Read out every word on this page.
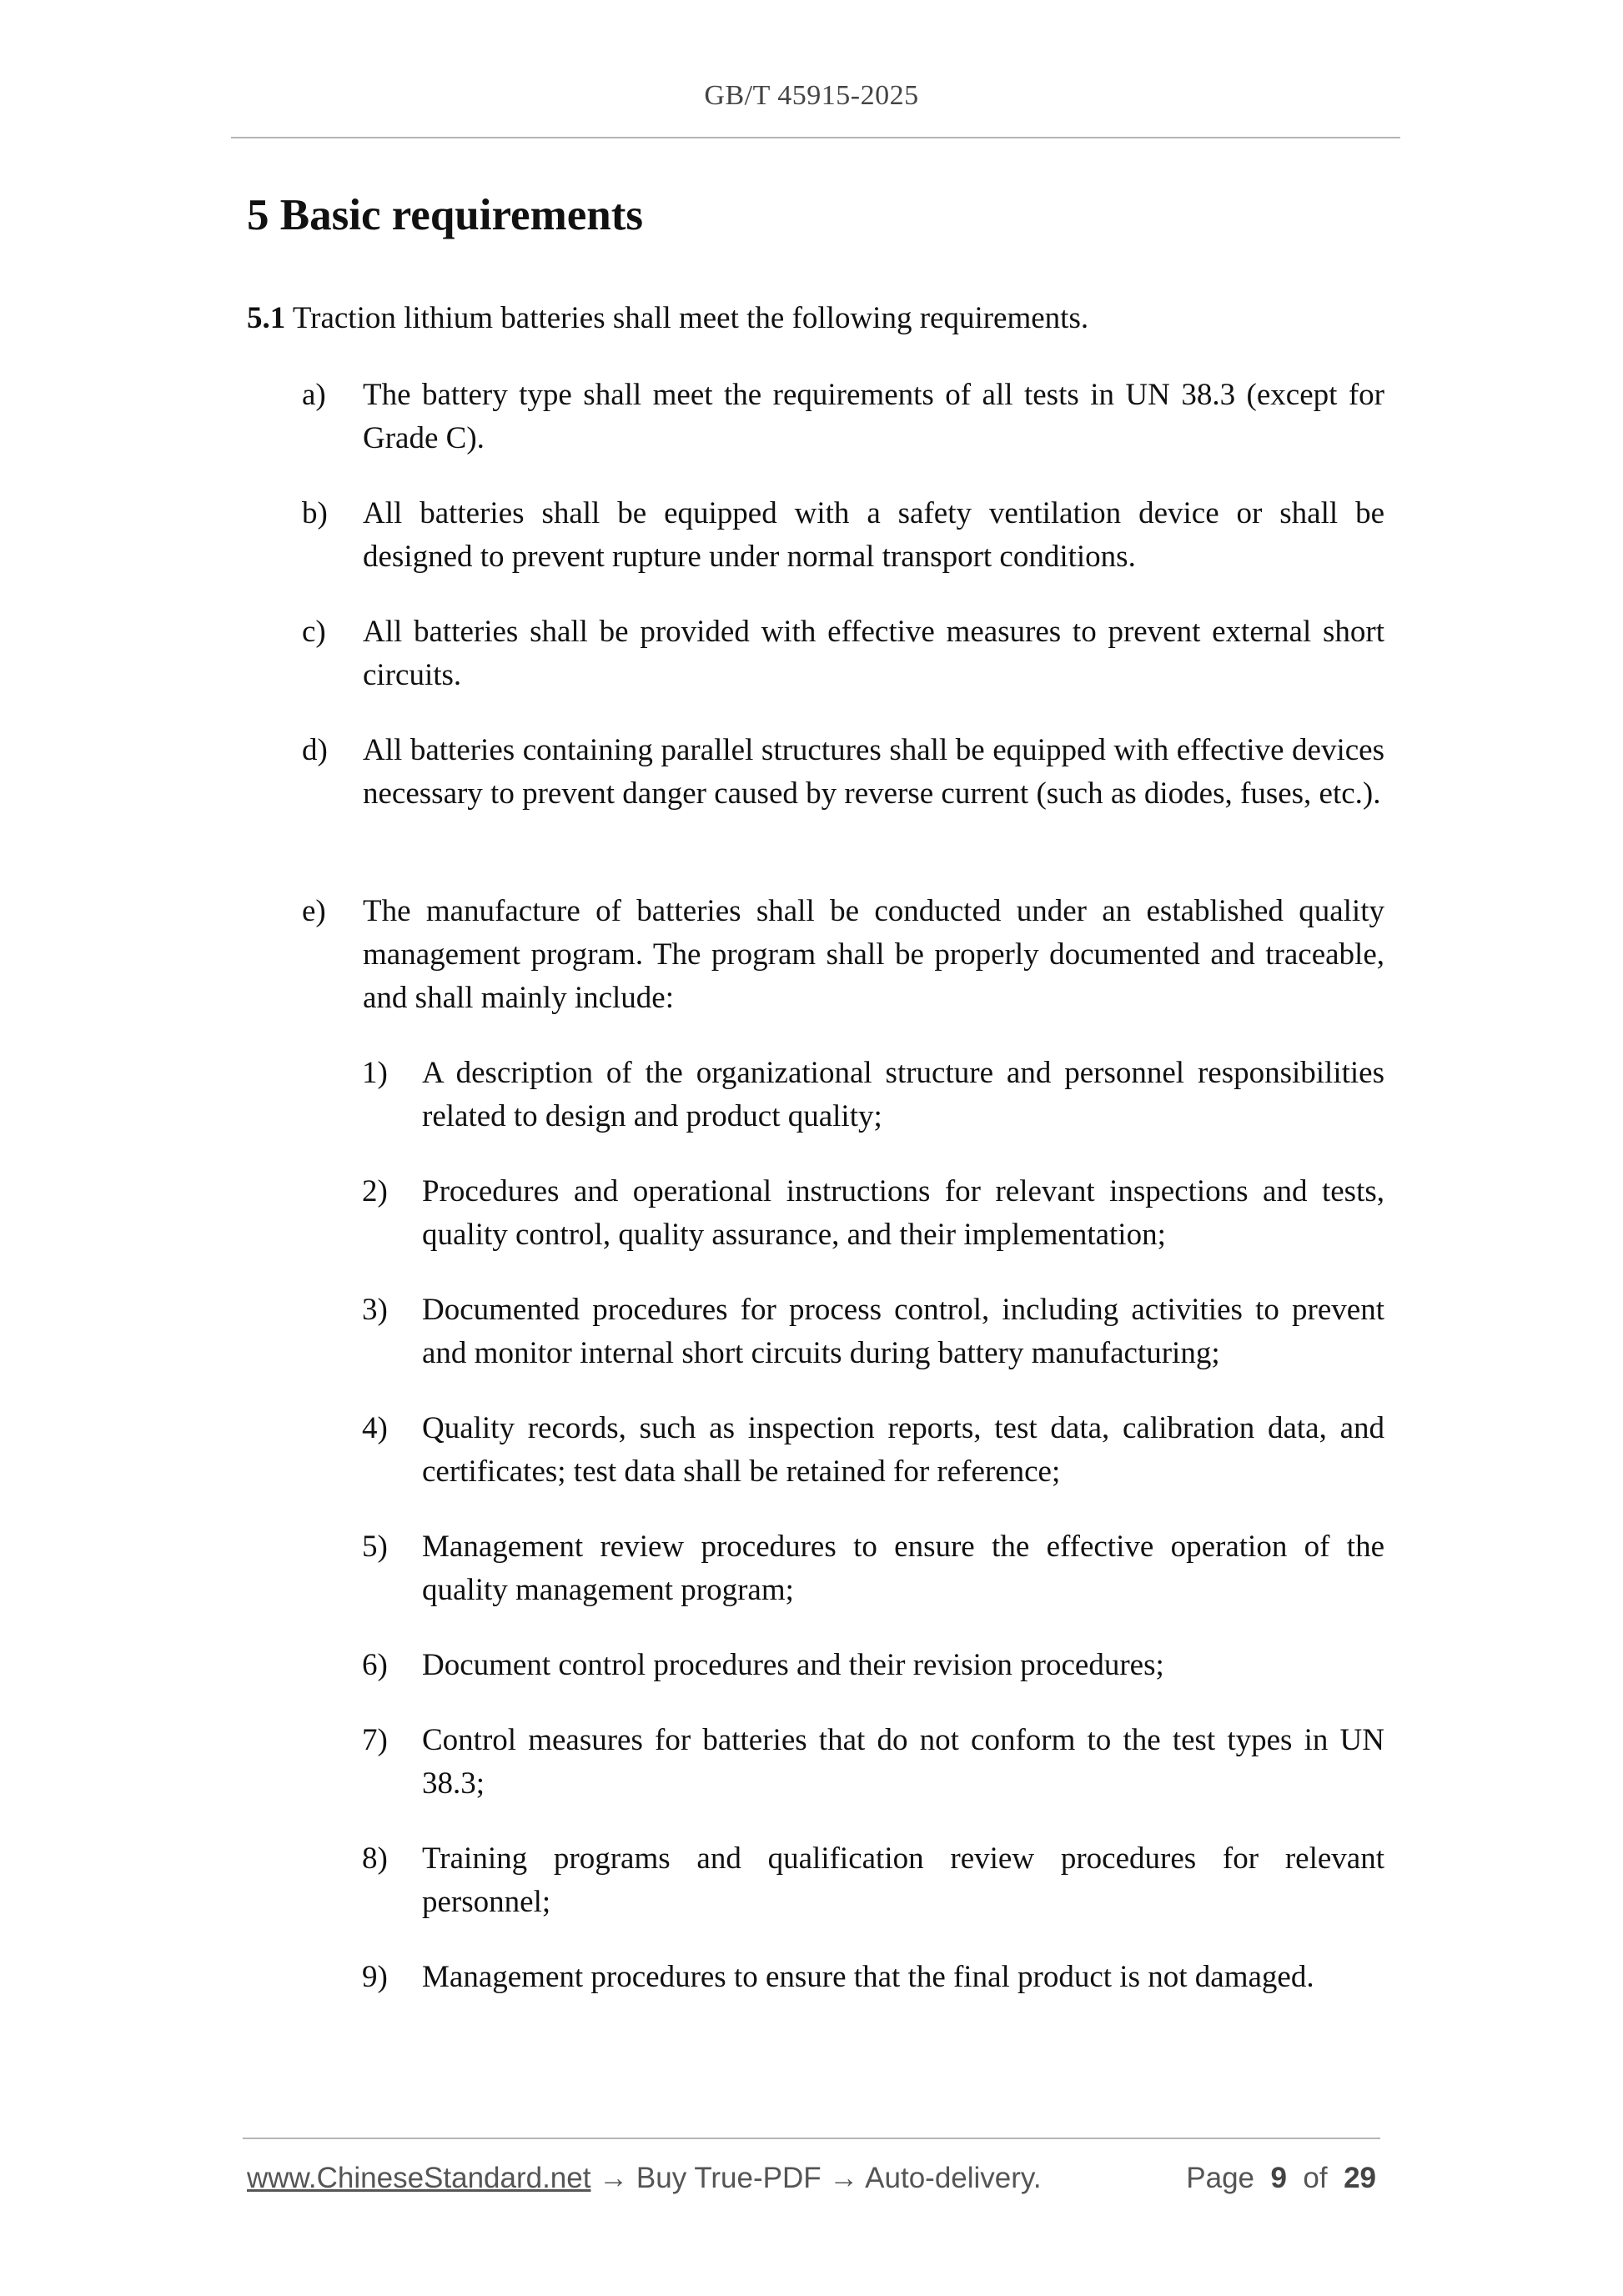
GB/T 45915-2025
5 Basic requirements
5.1 Traction lithium batteries shall meet the following requirements.
a) The battery type shall meet the requirements of all tests in UN 38.3 (except for Grade C).
b) All batteries shall be equipped with a safety ventilation device or shall be designed to prevent rupture under normal transport conditions.
c) All batteries shall be provided with effective measures to prevent external short circuits.
d) All batteries containing parallel structures shall be equipped with effective devices necessary to prevent danger caused by reverse current (such as diodes, fuses, etc.).
e) The manufacture of batteries shall be conducted under an established quality management program. The program shall be properly documented and traceable, and shall mainly include:
1) A description of the organizational structure and personnel responsibilities related to design and product quality;
2) Procedures and operational instructions for relevant inspections and tests, quality control, quality assurance, and their implementation;
3) Documented procedures for process control, including activities to prevent and monitor internal short circuits during battery manufacturing;
4) Quality records, such as inspection reports, test data, calibration data, and certificates; test data shall be retained for reference;
5) Management review procedures to ensure the effective operation of the quality management program;
6) Document control procedures and their revision procedures;
7) Control measures for batteries that do not conform to the test types in UN 38.3;
8) Training programs and qualification review procedures for relevant personnel;
9) Management procedures to ensure that the final product is not damaged.
www.ChineseStandard.net → Buy True-PDF → Auto-delivery.	Page 9 of 29
